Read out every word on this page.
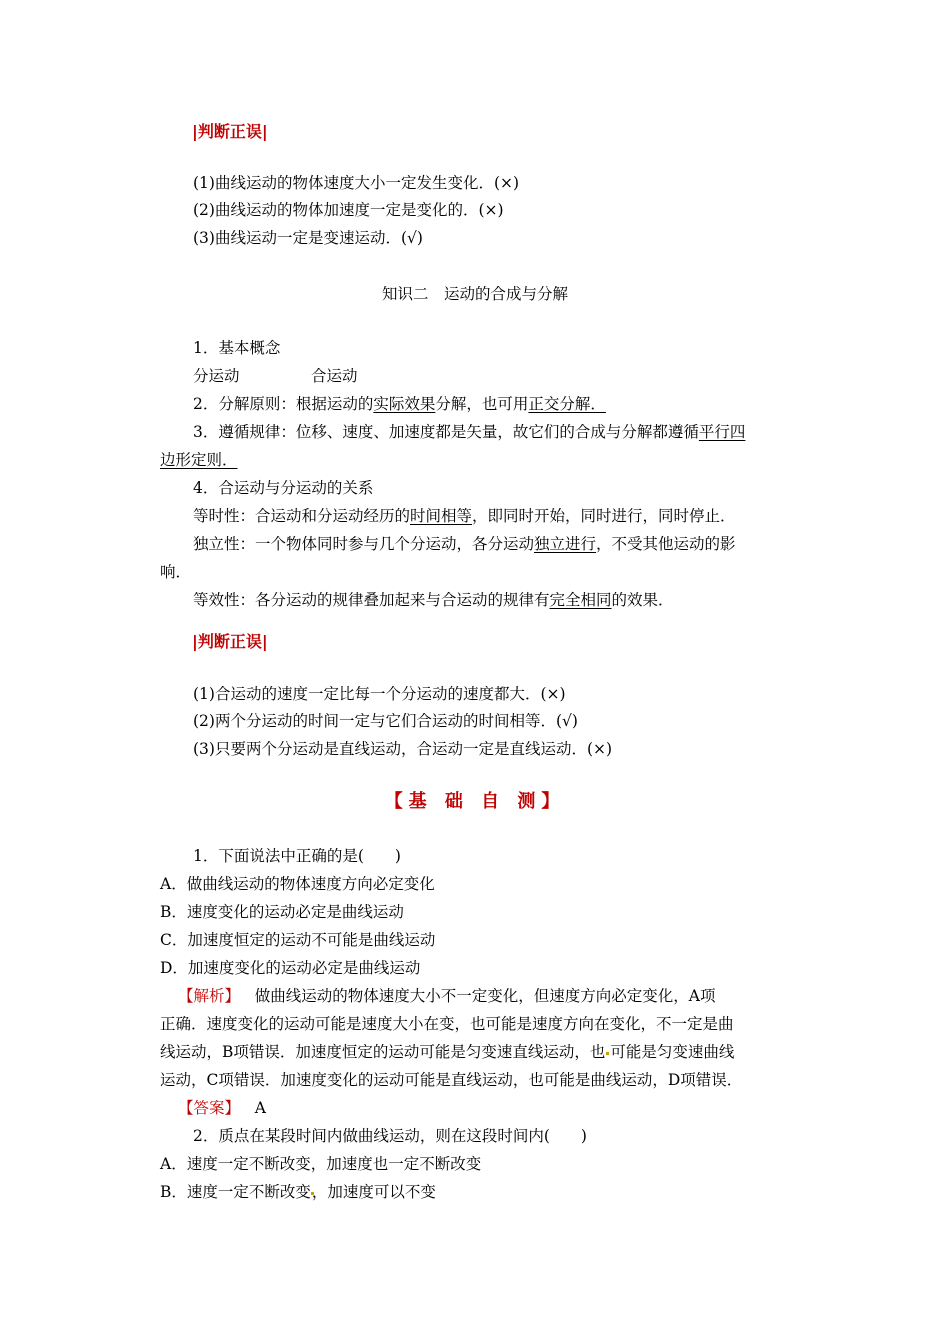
|判断正误|
(1)曲线运动的物体速度大小一定发生变化．(×)
(2)曲线运动的物体加速度一定是变化的．(×)
(3)曲线运动一定是变速运动．(√)
知识二　运动的合成与分解
1．基本概念
分运动	合运动
2．分解原则：根据运动的实际效果分解，也可用正交分解．
3．遵循规律：位移、速度、加速度都是矢量，故它们的合成与分解都遵循平行四
边形定则．
4．合运动与分运动的关系
等时性：合运动和分运动经历的时间相等，即同时开始，同时进行，同时停止．
独立性：一个物体同时参与几个分运动，各分运动独立进行，不受其他运动的影
响．
等效性：各分运动的规律叠加起来与合运动的规律有完全相同的效果．
|判断正误|
(1)合运动的速度一定比每一个分运动的速度都大．(×)
(2)两个分运动的时间一定与它们合运动的时间相等．(√)
(3)只要两个分运动是直线运动，合运动一定是直线运动．(×)
【基 础 自 测】
1．下面说法中正确的是(　　)
A．做曲线运动的物体速度方向必定变化
B．速度变化的运动必定是曲线运动
C．加速度恒定的运动不可能是曲线运动
D．加速度变化的运动必定是曲线运动
【解析】 做曲线运动的物体速度大小不一定变化，但速度方向必定变化，A项
正确．速度变化的运动可能是速度大小在变，也可能是速度方向在变化，不一定是曲
线运动，B项错误．加速度恒定的运动可能是匀变速直线运动，也 可能是匀变速曲线
运动，C项错误．加速度变化的运动可能是直线运动，也可能是曲线运动，D项错误．
【答案】 A
2．质点在某段时间内做曲线运动，则在这段时间内(　　)
A．速度一定不断改变，加速度也一定不断改变
B．速度一定不断改变，加速度可以不变
